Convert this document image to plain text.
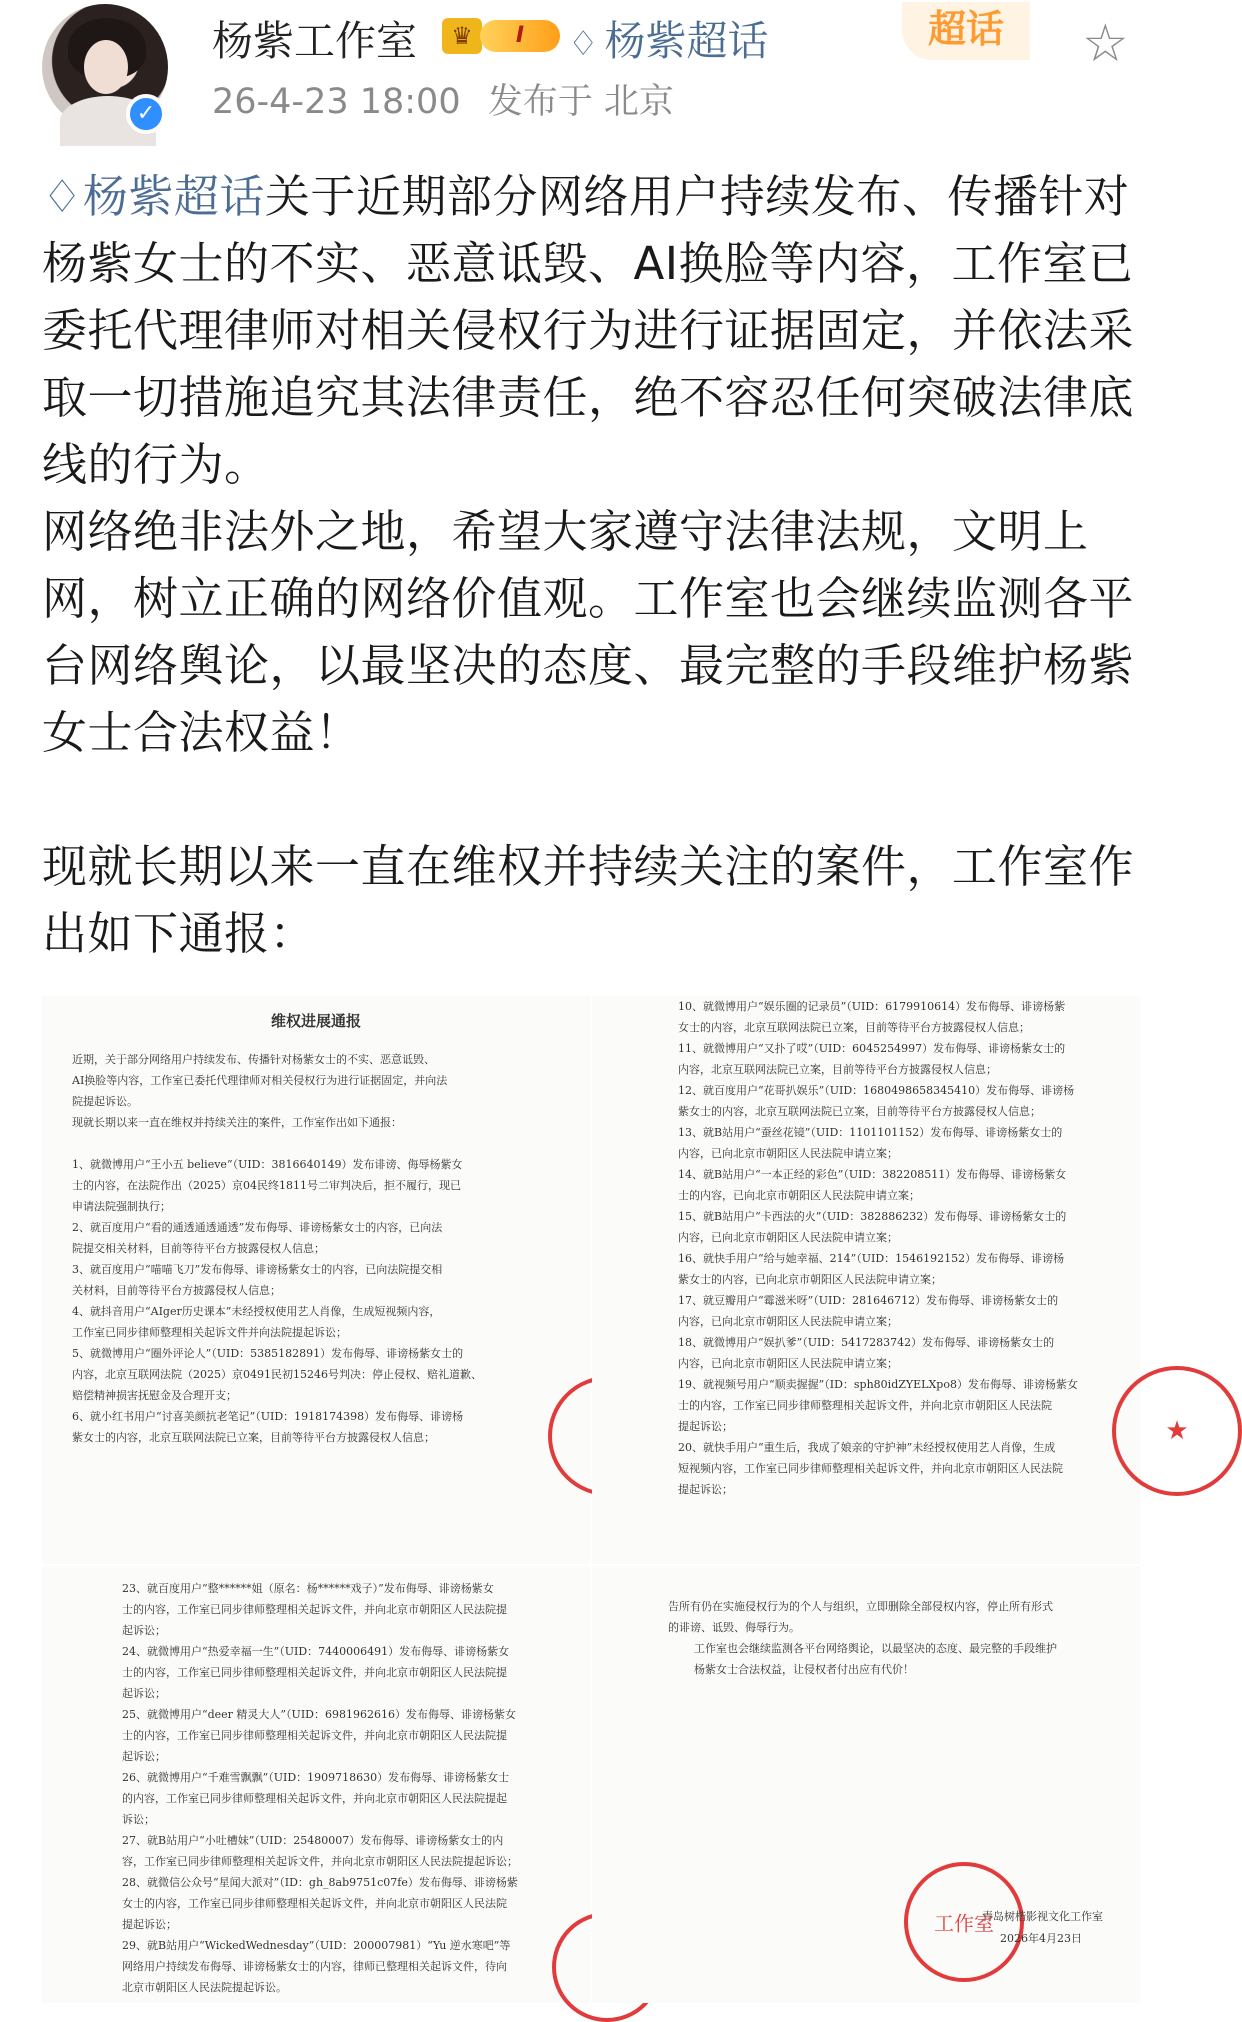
✓
杨紫工作室	♛	I	♢ 杨紫超话	超话	☆
26-4-23 18:00 发布于 北京

♢杨紫超话关于近期部分网络用户持续发布、传播针对杨紫女士的不实、恶意诋毁、AI换脸等内容，工作室已委托代理律师对相关侵权行为进行证据固定，并依法采取一切措施追究其法律责任，绝不容忍任何突破法律底线的行为。

网络绝非法外之地，希望大家遵守法律法规，文明上网，树立正确的网络价值观。工作室也会继续监测各平台网络舆论，以最坚决的态度、最完整的手段维护杨紫女士合法权益！

现就长期以来一直在维权并持续关注的案件，工作室作出如下通报：

维权进展通报

近期，关于部分网络用户持续发布、传播针对杨紫女士的不实、恶意诋毁、

AI换脸等内容，工作室已委托代理律师对相关侵权行为进行证据固定，并向法

院提起诉讼。

现就长期以来一直在维权并持续关注的案件，工作室作出如下通报：

1、就微博用户“王小五 believe”（UID：3816640149）发布诽谤、侮辱杨紫女

士的内容，在法院作出（2025）京04民终1811号二审判决后，拒不履行，现已

申请法院强制执行；

2、就百度用户“看的通透通透通透”发布侮辱、诽谤杨紫女士的内容，已向法

院提交相关材料，目前等待平台方披露侵权人信息；

3、就百度用户“喵喵飞刀”发布侮辱、诽谤杨紫女士的内容，已向法院提交相

关材料，目前等待平台方披露侵权人信息；

4、就抖音用户“AIger历史课本”未经授权使用艺人肖像，生成短视频内容，

工作室已同步律师整理相关起诉文件并向法院提起诉讼；

5、就微博用户“圈外评论人”（UID：5385182891）发布侮辱、诽谤杨紫女士的

内容，北京互联网法院（2025）京0491民初15246号判决：停止侵权、赔礼道歉、

赔偿精神损害抚慰金及合理开支；

6、就小红书用户“讨喜美颜抗老笔记”（UID：1918174398）发布侮辱、诽谤杨

紫女士的内容，北京互联网法院已立案，目前等待平台方披露侵权人信息；

10、就微博用户“娱乐圈的记录员”（UID：6179910614）发布侮辱、诽谤杨紫

女士的内容，北京互联网法院已立案，目前等待平台方披露侵权人信息；

11、就微博用户“又扑了哎”（UID：6045254997）发布侮辱、诽谤杨紫女士的

内容，北京互联网法院已立案，目前等待平台方披露侵权人信息；

12、就百度用户“花哥扒娱乐”（UID：1680498658345410）发布侮辱、诽谤杨

紫女士的内容，北京互联网法院已立案，目前等待平台方披露侵权人信息；

13、就B站用户“蚕丝花镜”（UID：1101101152）发布侮辱、诽谤杨紫女士的

内容，已向北京市朝阳区人民法院申请立案；

14、就B站用户“一本正经的彩色”（UID：382208511）发布侮辱、诽谤杨紫女

士的内容，已向北京市朝阳区人民法院申请立案；

15、就B站用户“卡西法的火”（UID：382886232）发布侮辱、诽谤杨紫女士的

内容，已向北京市朝阳区人民法院申请立案；

16、就快手用户“给与她幸福、214”（UID：1546192152）发布侮辱、诽谤杨

紫女士的内容，已向北京市朝阳区人民法院申请立案；

17、就豆瓣用户“霉滋米呀”（UID：281646712）发布侮辱、诽谤杨紫女士的

内容，已向北京市朝阳区人民法院申请立案；

18、就微博用户“娱扒爹”（UID：5417283742）发布侮辱、诽谤杨紫女士的

内容，已向北京市朝阳区人民法院申请立案；

19、就视频号用户“顺卖握握”（ID：sph80idZYELXpo8）发布侮辱、诽谤杨紫女

士的内容，工作室已同步律师整理相关起诉文件，并向北京市朝阳区人民法院

提起诉讼；

20、就快手用户“重生后，我成了娘亲的守护神”未经授权使用艺人肖像，生成

短视频内容，工作室已同步律师整理相关起诉文件，并向北京市朝阳区人民法院

提起诉讼；

★

23、就百度用户“整******姐（原名：杨******戏子）”发布侮辱、诽谤杨紫女

士的内容，工作室已同步律师整理相关起诉文件，并向北京市朝阳区人民法院提

起诉讼；

24、就微博用户“热爱幸福一生”（UID：7440006491）发布侮辱、诽谤杨紫女

士的内容，工作室已同步律师整理相关起诉文件，并向北京市朝阳区人民法院提

起诉讼；

25、就微博用户“deer 精灵大人”（UID：6981962616）发布侮辱、诽谤杨紫女

士的内容，工作室已同步律师整理相关起诉文件，并向北京市朝阳区人民法院提

起诉讼；

26、就微博用户“千难雪飘飘”（UID：1909718630）发布侮辱、诽谤杨紫女士

的内容，工作室已同步律师整理相关起诉文件，并向北京市朝阳区人民法院提起

诉讼；

27、就B站用户“小吐槽妹”（UID：25480007）发布侮辱、诽谤杨紫女士的内

容，工作室已同步律师整理相关起诉文件，并向北京市朝阳区人民法院提起诉讼；

28、就微信公众号“星闻大派对”（ID：gh_8ab9751c07fe）发布侮辱、诽谤杨紫

女士的内容，工作室已同步律师整理相关起诉文件，并向北京市朝阳区人民法院

提起诉讼；

29、就B站用户“WickedWednesday”（UID：200007981）“Yu 逆水寒吧”等

网络用户持续发布侮辱、诽谤杨紫女士的内容，律师已整理相关起诉文件，待向

北京市朝阳区人民法院提起诉讼。

告所有仍在实施侵权行为的个人与组织，立即删除全部侵权内容，停止所有形式

的诽谤、诋毁、侮辱行为。

工作室也会继续监测各平台网络舆论，以最坚决的态度、最完整的手段维护

杨紫女士合法权益，让侵权者付出应有代价！

工作室
青岛树楷影视文化工作室
2026年4月23日
